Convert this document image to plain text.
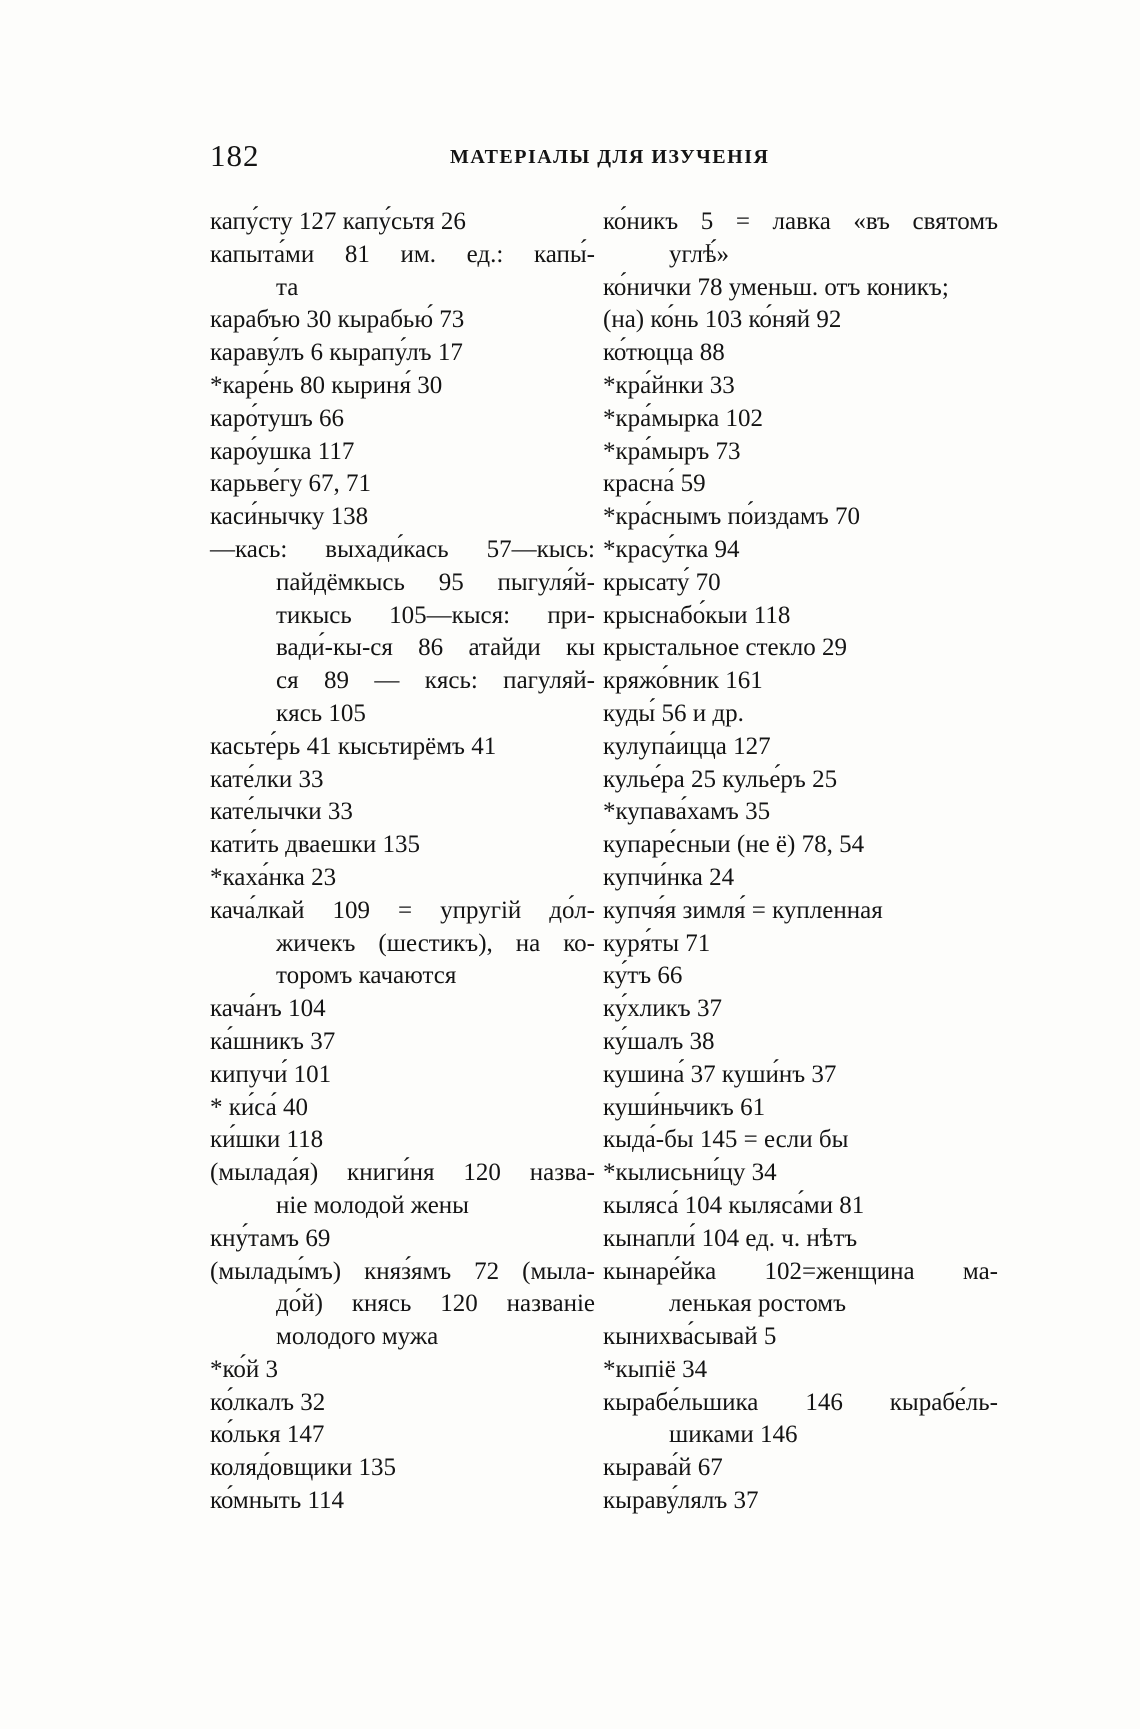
182	МАТЕРІАЛЫ ДЛЯ ИЗУЧЕНІЯ
капу́сту 127 капу́сьтя 26
капыта́ми 81 им. ед.: капы́-
та
карабъю 30 кырабью́ 73
караву́лъ 6 кырапу́лъ 17
*каре́нь 80 кыриня́ 30
каро́тушъ 66
каро́ушка 117
карьве́гу 67, 71
каси́нычку 138
—кась: выхади́кась 57—кысь:
пайдёмкысь 95 пыгуля́й-
тикысь 105—кыся: при-
вади́-кы-ся 86 атайди кы
ся 89 — кясь: пагуляй-
кясь 105
касьте́рь 41 кысьтирёмъ 41
кате́лки 33
кате́лычки 33
кати́ть дваешки 135
*каха́нка 23
кача́лкай 109 = упругій до́л-
жичекъ (шестикъ), на ко-
торомъ качаются
кача́нъ 104
ка́шникъ 37
кипучи́ 101
* ки́са́ 40
ки́шки 118
(мылада́я) книги́ня 120 назва-
ніе молодой жены
кну́тамъ 69
(мылады́мъ) княз́ямъ 72 (мыла-
до́й) княсь 120 названіе
молодого мужа
*ко́й 3
ко́лкалъ 32
ко́лькя 147
коляд́овщики 135
ко́мныть 114
ко́никъ 5 = лавка «въ святомъ
углѣ́»
ко́нички 78 уменьш. отъ коникъ;
(на) ко́нь 103 ко́няй 92
ко́тюцца 88
*кра́йнки 33
*кра́мырка 102
*кра́мыръ 73
красна́ 59
*кра́снымъ по́издамъ 70
*красу́тка 94
крысату́ 70
крыснабо́кыи 118
крыстальное стекло 29
кряжо́вник 161
куды́ 56 и др.
кулупа́ицца 127
кулье́ра 25 кулье́ръ 25
*купава́хамъ 35
купаре́сныи (не ё) 78, 54
купчи́нка 24
купчя́я зимля́ = купленная
куря́ты 71
ку́тъ 66
ку́хликъ 37
ку́шалъ 38
кушина́ 37 куши́нъ 37
куши́ньчикъ 61
кыда́-бы 145 = если бы
*кылисьни́цу 34
кыляса́ 104 кыляса́ми 81
кынапли́ 104 ед. ч. нѣтъ
кынаре́йка 102=женщина ма-
ленькая ростомъ
кынихва́сывай 5
*кыпіё 34
кырабе́льшика 146 кырабе́ль-
шиками 146
кырава́й 67
кыраву́лялъ 37
